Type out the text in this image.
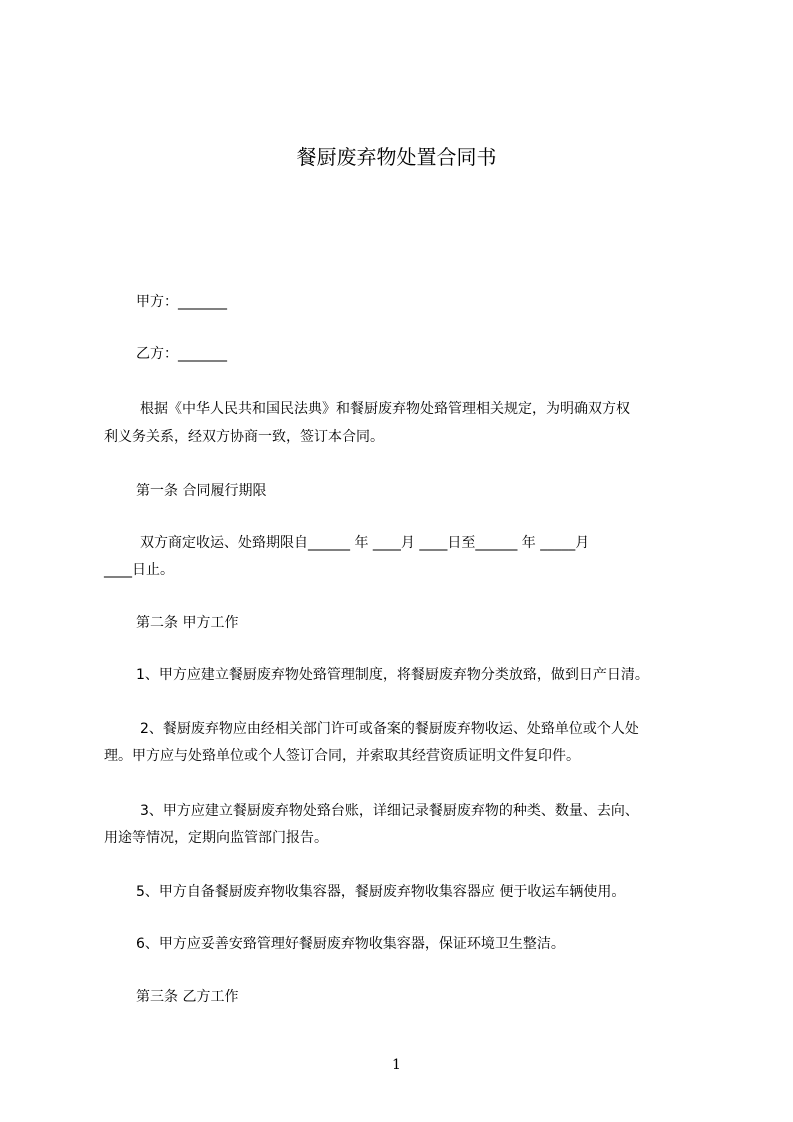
餐厨废弃物处置合同书
甲方：_______
乙方：_______
根据《中华人民共和国民法典》和餐厨废弃物处臵管理相关规定，为明确双方权
利义务关系，经双方协商一致，签订本合同。
第一条 合同履行期限
双方商定收运、处臵期限自______ 年 ____月 ____日至______ 年 _____月
____日止。
第二条 甲方工作
1、甲方应建立餐厨废弃物处臵管理制度，将餐厨废弃物分类放臵，做到日产日清。
2、餐厨废弃物应由经相关部门许可或备案的餐厨废弃物收运、处臵单位或个人处
理。甲方应与处臵单位或个人签订合同，并索取其经营资质证明文件复印件。
3、甲方应建立餐厨废弃物处臵台账，详细记录餐厨废弃物的种类、数量、去向、
用途等情况，定期向监管部门报告。
5、甲方自备餐厨废弃物收集容器，餐厨废弃物收集容器应 便于收运车辆使用。
6、甲方应妥善安臵管理好餐厨废弃物收集容器，保证环境卫生整洁。
第三条 乙方工作
1
